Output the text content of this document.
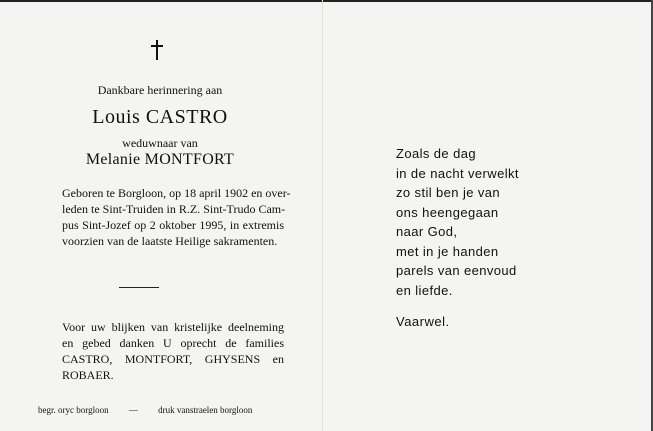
Dankbare herinnering aan
Louis CASTRO
weduwnaar van
Melanie MONTFORT
Geboren te Borgloon, op 18 april 1902 en over-
leden te Sint-Truiden in R.Z. Sint-Trudo Cam-
pus Sint-Jozef op 2 oktober 1995, in extremis
voorzien van de laatste Heilige sakramenten.
Voor uw blijken van kristelijke deelneming
en gebed danken U oprecht de families
CASTRO, MONTFORT, GHYSENS en
ROBAER.
begr. oryc borgloon — druk vanstraelen borgloon
Zoals de dag
in de nacht verwelkt
zo stil ben je van
ons heengegaan
naar God,
met in je handen
parels van eenvoud
en liefde.
Vaarwel.
